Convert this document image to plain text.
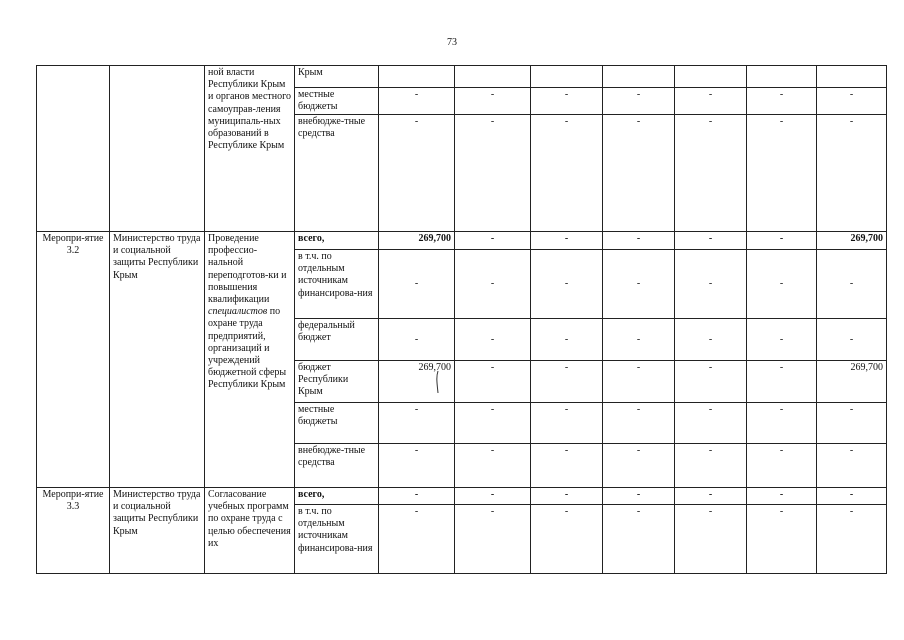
73
		ной власти Республики Крым и органов местного самоуправ-ления муниципаль-ных образований в Республике Крым	Крым							
			местные бюджеты	-	-	-	-	-	-	-
			внебюдже-тные средства	-	-	-	-	-	-	-
Меропри-ятие 3.2	Министерство труда и социальной защиты Республики Крым	Проведение профессио-нальной переподготов-ки и повышения квалификации специалистов по охране труда предприятий, организаций и учреждений бюджетной сферы Республики Крым	всего,	269,700	-	-	-	-	-	269,700
			в т.ч. по отдельным источникам финансирова-ния	-	-	-	-	-	-	-
			федеральный бюджет	-	-	-	-	-	-	-
			бюджет Республики Крым	269,700	-	-	-	-	-	269,700
			местные бюджеты	-	-	-	-	-	-	-
			внебюдже-тные средства	-	-	-	-	-	-	-
Меропри-ятие 3.3	Министерство труда и социальной защиты Республики Крым	Согласование учебных программ по охране труда с целью обеспечения их	всего,	-	-	-	-	-	-	-
			в т.ч. по отдельным источникам финансирова-ния	-	-	-	-	-	-	-
